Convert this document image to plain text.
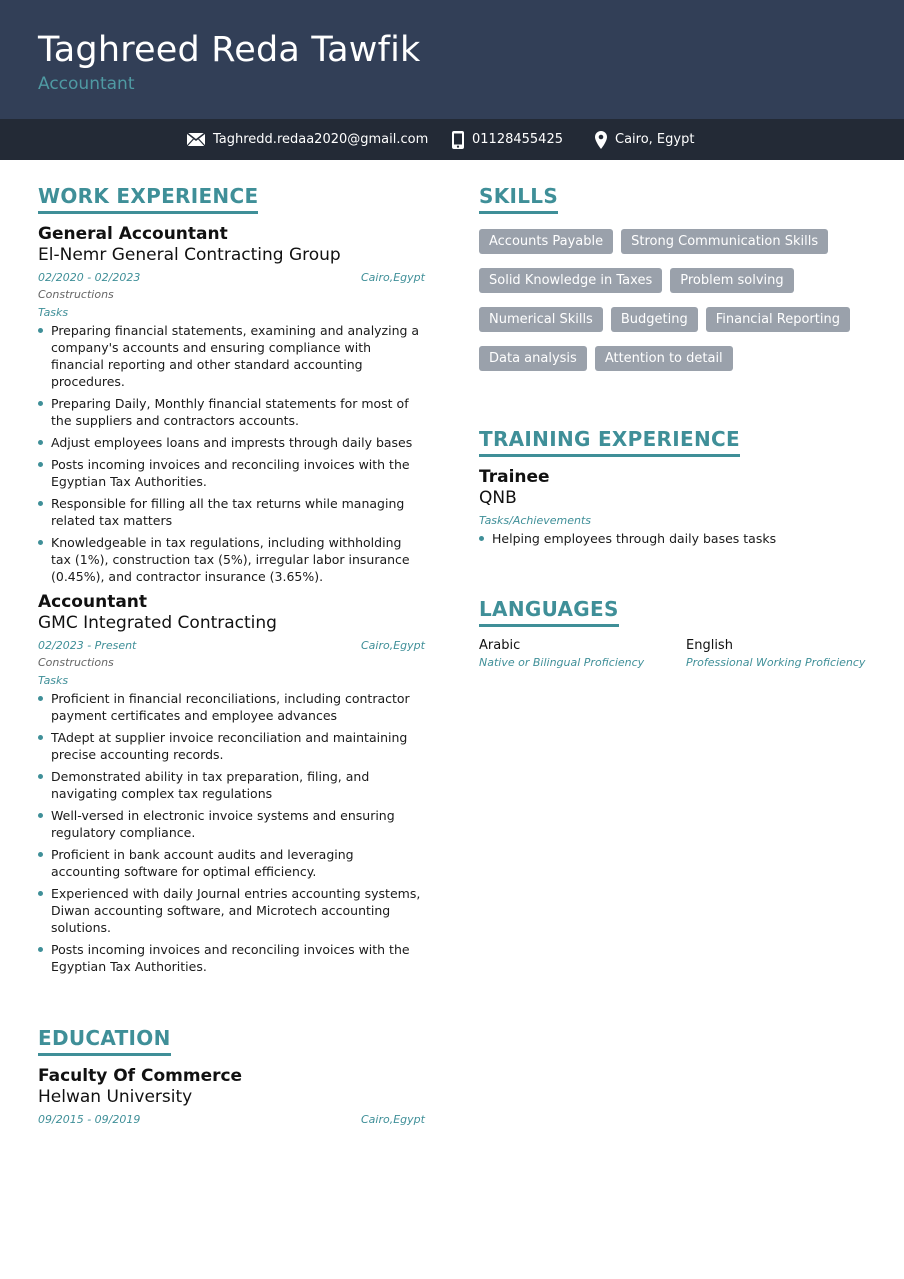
Taghreed Reda Tawfik
Accountant
Taghredd.redaa2020@gmail.com	01128455425	Cairo, Egypt
WORK EXPERIENCE
General Accountant
El-Nemr General Contracting Group
02/2020 - 02/2023	Cairo,Egypt
Constructions
Tasks
Preparing financial statements, examining and analyzing a company's accounts and ensuring compliance with financial reporting and other standard accounting procedures.
Preparing Daily, Monthly financial statements for most of the suppliers and contractors accounts.
Adjust employees loans and imprests through daily bases
Posts incoming invoices and reconciling invoices with the Egyptian Tax Authorities.
Responsible for filling all the tax returns while managing related tax matters
Knowledgeable in tax regulations, including withholding tax (1%), construction tax (5%), irregular labor insurance (0.45%), and contractor insurance (3.65%).
Accountant
GMC Integrated Contracting
02/2023 - Present	Cairo,Egypt
Constructions
Tasks
Proficient in financial reconciliations, including contractor payment certificates and employee advances
TAdept at supplier invoice reconciliation and maintaining precise accounting records.
Demonstrated ability in tax preparation, filing, and navigating complex tax regulations
Well-versed in electronic invoice systems and ensuring regulatory compliance.
Proficient in bank account audits and leveraging accounting software for optimal efficiency.
Experienced with daily Journal entries accounting systems, Diwan accounting software, and Microtech accounting solutions.
Posts incoming invoices and reconciling invoices with the Egyptian Tax Authorities.
EDUCATION
Faculty Of Commerce
Helwan University
09/2015 - 09/2019	Cairo,Egypt
SKILLS
Accounts Payable	Strong Communication Skills
Solid Knowledge in Taxes	Problem solving
Numerical Skills	Budgeting	Financial Reporting
Data analysis	Attention to detail
TRAINING EXPERIENCE
Trainee
QNB
Tasks/Achievements
Helping employees through daily bases tasks
LANGUAGES
Arabic
Native or Bilingual Proficiency
English
Professional Working Proficiency
